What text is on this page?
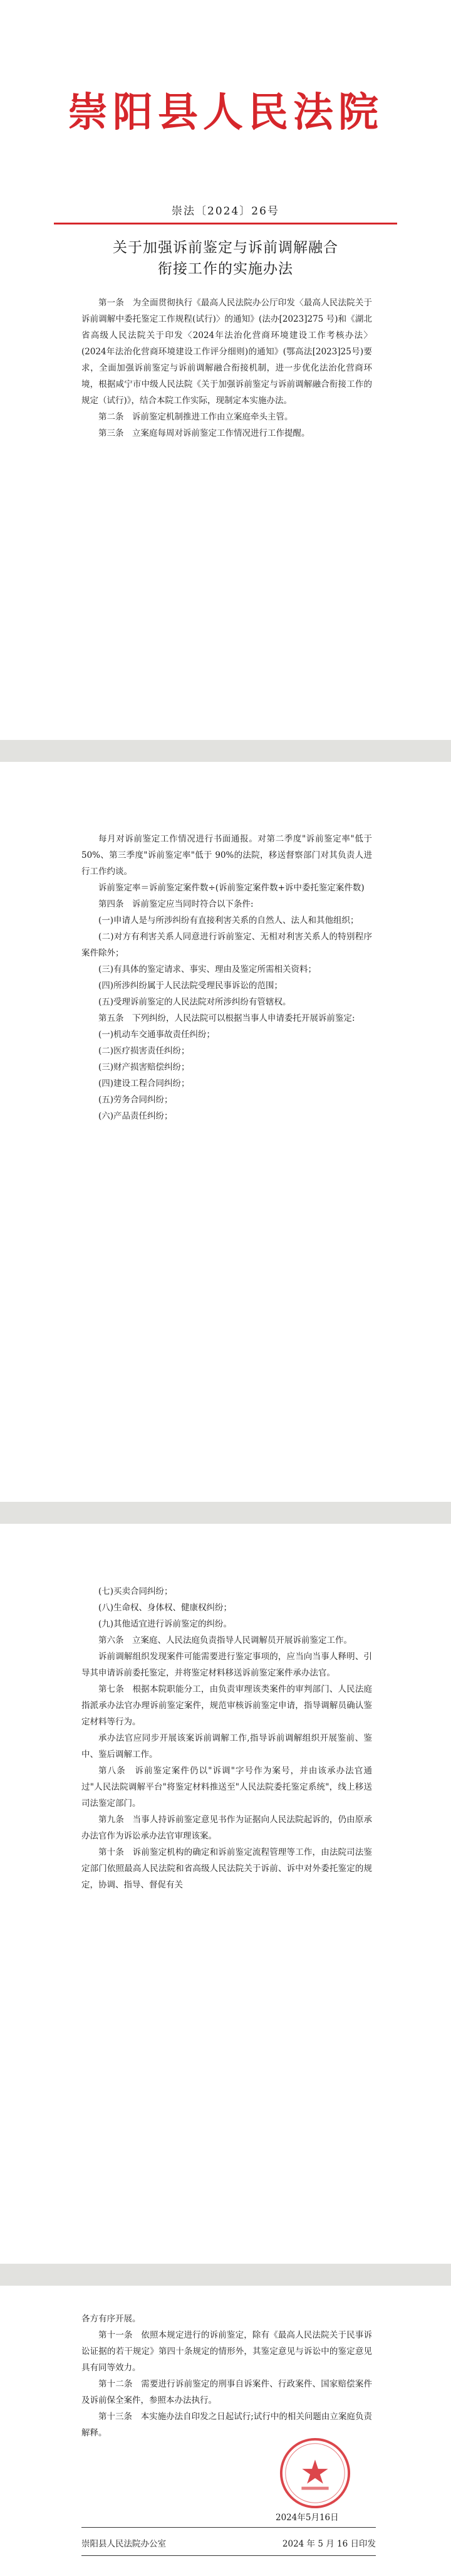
崇阳县人民法院
崇法〔2024〕26号
关于加强诉前鉴定与诉前调解融合
衔接工作的实施办法

第一条　为全面贯彻执行《最高人民法院办公厅印发〈最高人民法院关于诉前调解中委托鉴定工作规程(试行)〉的通知》(法办[2023]275 号)和《湖北省高级人民法院关于印发〈2024年法治化营商环境建设工作考核办法〉(2024年法治化营商环境建设工作评分细则)的通知》(鄂高法[2023]25号)要求，全面加强诉前鉴定与诉前调解融合衔接机制，进一步优化法治化营商环境，根据咸宁市中级人民法院《关于加强诉前鉴定与诉前调解融合衔接工作的规定（试行)》，结合本院工作实际，现制定本实施办法。

第二条　诉前鉴定机制推进工作由立案庭牵头主管。

第三条　立案庭每周对诉前鉴定工作情况进行工作提醒。

每月对诉前鉴定工作情况进行书面通报。对第二季度"诉前鉴定率"低于 50%、第三季度"诉前鉴定率"低于 90%的法院，移送督察部门对其负责人进行工作约谈。

诉前鉴定率＝诉前鉴定案件数÷(诉前鉴定案件数+诉中委托鉴定案件数)

第四条　诉前鉴定应当同时符合以下条件:

(一)申请人是与所涉纠纷有直接利害关系的自然人、法人和其他组织；

(二)对方有利害关系人同意进行诉前鉴定、无相对利害关系人的特别程序案件除外；

(三)有具体的鉴定请求、事实、理由及鉴定所需相关资料；

(四)所涉纠纷属于人民法院受理民事诉讼的范围；

(五)受理诉前鉴定的人民法院对所涉纠纷有管辖权。

第五条　下列纠纷，人民法院可以根据当事人申请委托开展诉前鉴定:

(一)机动车交通事故责任纠纷；

(二)医疗损害责任纠纷；

(三)财产损害赔偿纠纷；

(四)建设工程合同纠纷；

(五)劳务合同纠纷；

(六)产品责任纠纷；

(七)买卖合同纠纷；

(八)生命权、身体权、健康权纠纷；

(九)其他适宜进行诉前鉴定的纠纷。

第六条　立案庭、人民法庭负责指导人民调解员开展诉前鉴定工作。

诉前调解组织发现案件可能需要进行鉴定事项的，应当向当事人释明、引导其申请诉前委托鉴定，并将鉴定材料移送诉前鉴定案件承办法官。

第七条　根据本院职能分工，由负责审理该类案件的审判部门、人民法庭指派承办法官办理诉前鉴定案件，规范审核诉前鉴定申请，指导调解员确认鉴定材料等行为。

承办法官应同步开展该案诉前调解工作,指导诉前调解组织开展鉴前、鉴中、鉴后调解工作。

第八条　诉前鉴定案件仍以"诉调"字号作为案号，并由该承办法官通过"人民法院调解平台"将鉴定材料推送至"人民法院委托鉴定系统"，线上移送司法鉴定部门。

第九条　当事人持诉前鉴定意见书作为证据向人民法院起诉的，仍由原承办法官作为诉讼承办法官审理该案。

第十条　诉前鉴定机构的确定和诉前鉴定流程管理等工作，由法院司法鉴定部门依照最高人民法院和省高级人民法院关于诉前、诉中对外委托鉴定的规定，协调、指导、督促有关

各方有序开展。

第十一条　依照本规定进行的诉前鉴定，除有《最高人民法院关于民事诉讼证据的若干规定》第四十条规定的情形外，其鉴定意见与诉讼中的鉴定意见具有同等效力。

第十二条　需要进行诉前鉴定的刑事自诉案件、行政案件、国家赔偿案件及诉前保全案件，参照本办法执行。

第十三条　本实施办法自印发之日起试行;试行中的相关问题由立案庭负责解释。

2024年5月16日
崇阳县人民法院办公室	2024 年 5 月 16 日印发
